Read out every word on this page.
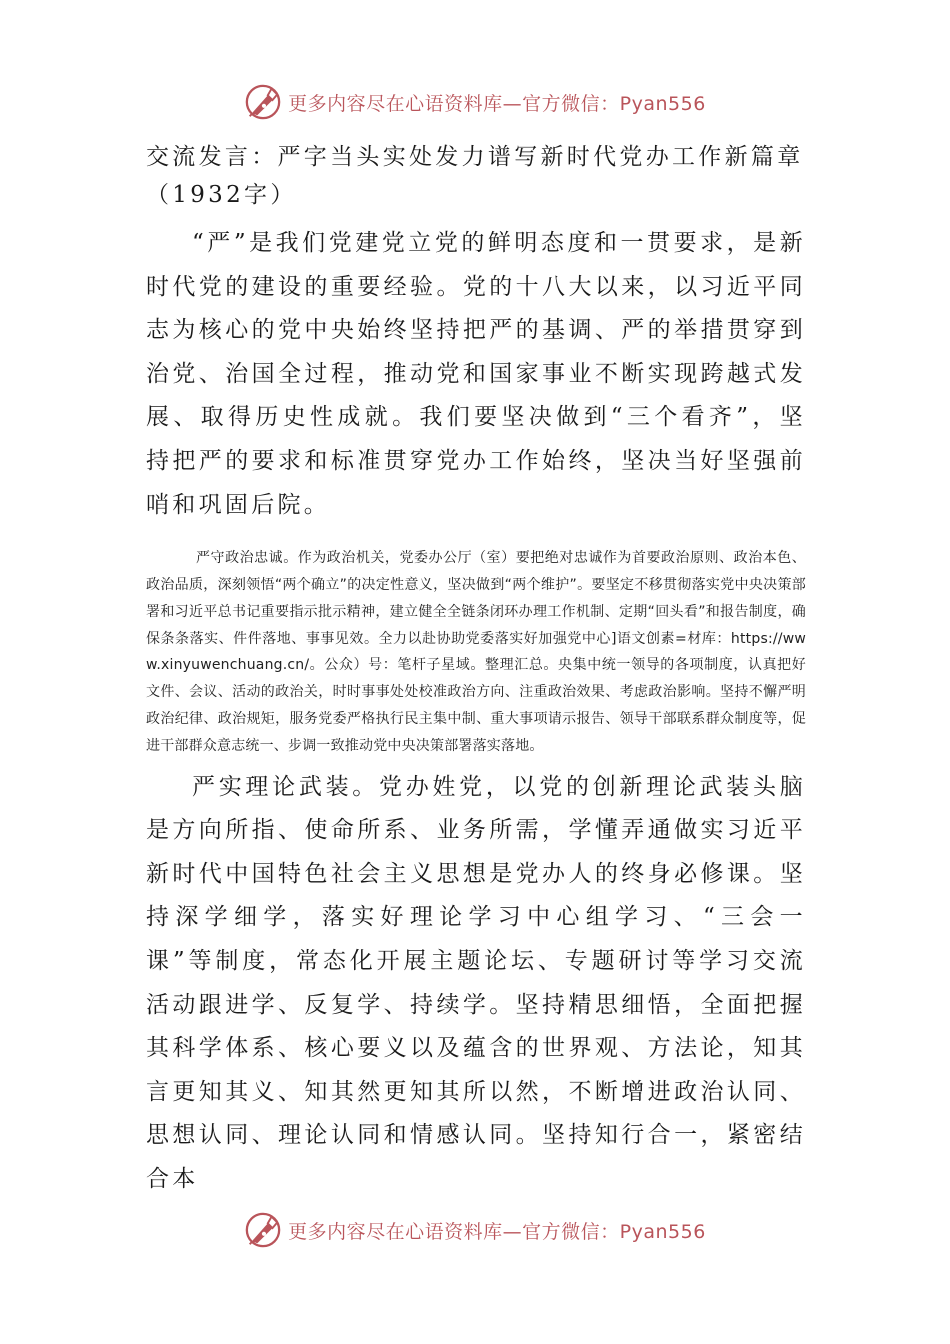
更多内容尽在心语资料库—官方微信：Pyan556
交流发言：严字当头实处发力谱写新时代党办工作新篇章（1932字）

“严”是我们党建党立党的鲜明态度和一贯要求，是新时代党的建设的重要经验。党的十八大以来，以习近平同志为核心的党中央始终坚持把严的基调、严的举措贯穿到治党、治国全过程，推动党和国家事业不断实现跨越式发展、取得历史性成就。我们要坚决做到“三个看齐”，坚持把严的要求和标准贯穿党办工作始终，坚决当好坚强前哨和巩固后院。

严守政治忠诚。作为政治机关，党委办公厅（室）要把绝对忠诚作为首要政治原则、政治本色、政治品质，深刻领悟“两个确立”的决定性意义，坚决做到“两个维护”。要坚定不移贯彻落实党中央决策部署和习近平总书记重要指示批示精神，建立健全全链条闭环办理工作机制、定期“回头看”和报告制度，确保条条落实、件件落地、事事见效。全力以赴协助党委落实好加强党中心]语文创素=材库：https://www.xinyuwenchuang.cn/。公众）号：笔杆子星域。整理汇总。央集中统一领导的各项制度，认真把好文件、会议、活动的政治关，时时事事处处校准政治方向、注重政治效果、考虑政治影响。坚持不懈严明政治纪律、政治规矩，服务党委严格执行民主集中制、重大事项请示报告、领导干部联系群众制度等，促进干部群众意志统一、步调一致推动党中央决策部署落实落地。

严实理论武装。党办姓党，以党的创新理论武装头脑是方向所指、使命所系、业务所需，学懂弄通做实习近平新时代中国特色社会主义思想是党办人的终身必修课。坚持深学细学，落实好理论学习中心组学习、“三会一课”等制度，常态化开展主题论坛、专题研讨等学习交流活动跟进学、反复学、持续学。坚持精思细悟，全面把握其科学体系、核心要义以及蕴含的世界观、方法论，知其言更知其义、知其然更知其所以然，不断增进政治认同、思想认同、理论认同和情感认同。坚持知行合一，紧密结合本

更多内容尽在心语资料库—官方微信：Pyan556
